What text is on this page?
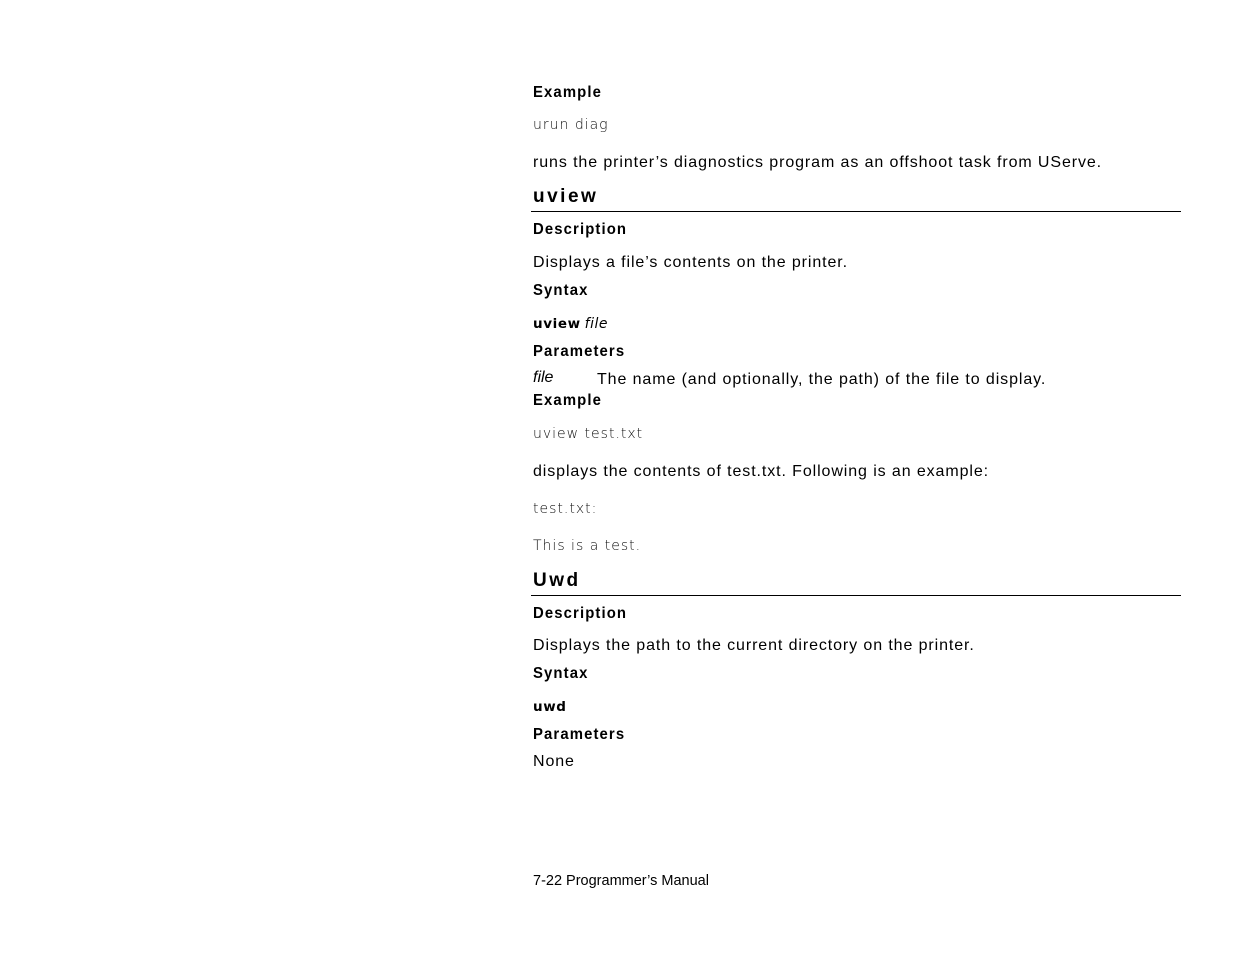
Example
urun diag
runs the printer’s diagnostics program as an offshoot task from UServe.
uview
Description
Displays a file’s contents on the printer.
Syntax
uview file
Parameters
file	The name (and optionally, the path) of the file to display.
Example
uview test.txt
displays the contents of test.txt. Following is an example:
test.txt:
This is a test.
Uwd
Description
Displays the path to the current directory on the printer.
Syntax
uwd
Parameters
None
7-22 Programmer’s Manual
